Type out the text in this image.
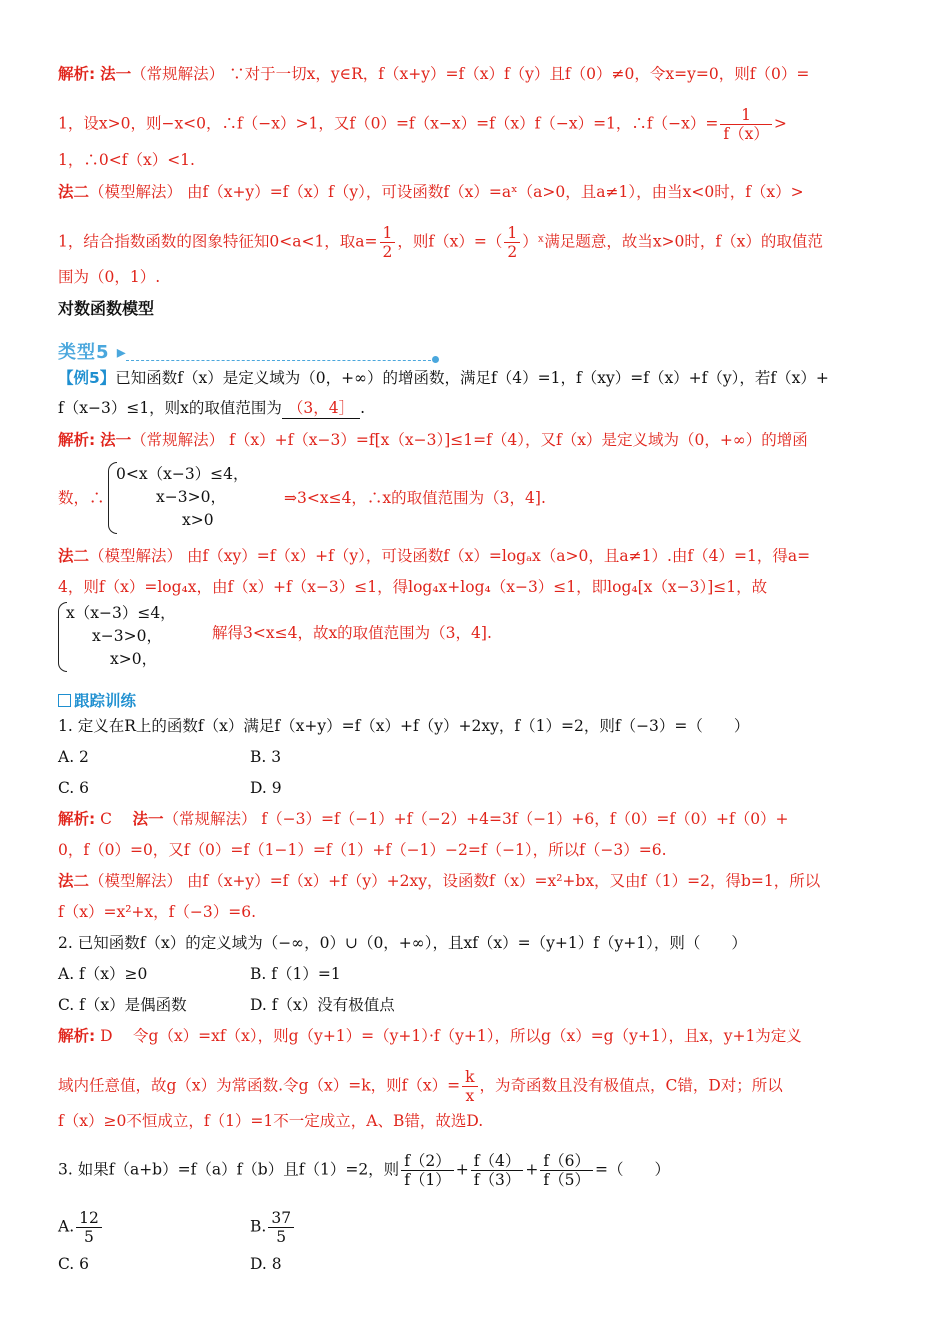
解析: 法一（常规解法） ∵对于一切x，y∈R，f（x+y）=f（x）f（y）且f（0）≠0，令x=y=0，则f（0）=
1，设x>0，则−x<0，∴f（−x）>1，又f（0）=f（x−x）=f（x）f（−x）=1，∴f（−x）= $\frac{1}{f(x)}$ >
1，∴0<f（x）<1.
法二（模型解法） 由f（x+y）=f（x）f（y），可设函数f（x）=aˣ（a>0，且a≠1），由当x<0时，f（x）>
1，结合指数函数的图象特征知0<a<1，取$a= \frac{1}{2}$ ，则$f(x)=( \frac{1}{2}$ ）ˣ满足题意，故当x>0时，f（x）的取值范
围为（0，1）.
对数函数模型
类型5 ▸
【例5】已知函数f（x）是定义域为（0，+∞）的增函数，满足f（4）=1，f（xy）=f（x）+f（y），若f（x）+
f（x−3）≤1，则x的取值范围为 （3，4］ .
解析: 法一（常规解法） f（x）+f（x−3）=f[x（x−3）]≤1=f（4），又f（x）是定义域为（0，+∞）的增函
数，∴
0<x（x−3）≤4，
x−3>0，
x>0
⇒3<x≤4，∴x的取值范围为（3，4].
法二（模型解法） 由f（xy）=f（x）+f（y），可设函数f（x）=logₐx（a>0，且a≠1）.由f（4）=1，得a=
4，则f（x）=log₄x，由f（x）+f（x−3）≤1，得log₄x+log₄（x−3）≤1，即log₄[x（x−3）]≤1，故
x（x−3）≤4，
x−3>0，
x>0，
解得3<x≤4，故x的取值范围为（3，4].
跟踪训练
1. 定义在R上的函数f（x）满足f（x+y）=f（x）+f（y）+2xy，f（1）=2，则f（−3）=（　　）
A. 2	B. 3
C. 6	D. 9
解析: C　 法一（常规解法） f（−3）=f（−1）+f（−2）+4=3f（−1）+6，f（0）=f（0）+f（0）+
0，f（0）=0，又f（0）=f（1−1）=f（1）+f（−1）−2=f（−1），所以f（−3）=6.
法二（模型解法） 由f（x+y）=f（x）+f（y）+2xy，设函数f（x）=x²+bx，又由f（1）=2，得b=1，所以
f（x）=x²+x，f（−3）=6.
2. 已知函数f（x）的定义域为（−∞，0）∪（0，+∞），且xf（x）=（y+1）f（y+1），则（　　）
A. f（x）≥0	B. f（1）=1
C. f（x）是偶函数	D. f（x）没有极值点
解析: D　 令g（x）=xf（x），则g（y+1）=（y+1）·f（y+1），所以g（x）=g（y+1），且x，y+1为定义
域内任意值，故g（x）为常函数.令g（x）=k，则$f(x)= \frac{k}{x}$ ，为奇函数且没有极值点，C错，D对；所以
f（x）≥0不恒成立，f（1）=1不一定成立，A、B错，故选D.
3. 如果f（a+b）=f（a）f（b）且f（1）=2，则 $\frac{f(2)}{f(1)} + \frac{f(4)}{f(3)} + \frac{f(6)}{f(5)}$ =（　　）
A. $\frac{12}{5}$	B. $\frac{37}{5}$
C. 6	D. 8
